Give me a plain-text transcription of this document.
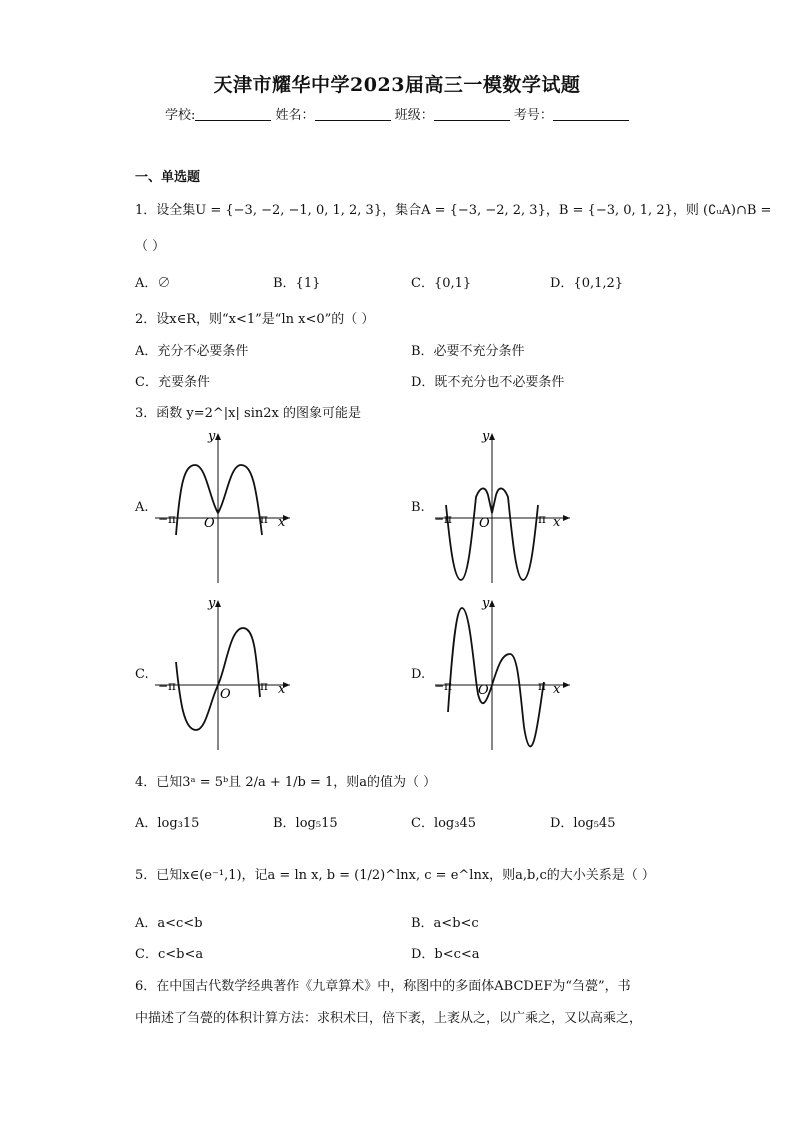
天津市耀华中学2023届高三一模数学试题
学校:	姓名：	班级：	考号：
一、单选题
1．设全集U = {−3, −2, −1, 0, 1, 2, 3}，集合A = {−3, −2, 2, 3}，B = {−3, 0, 1, 2}，则 (∁ᵤA)∩B =
（ ）
A．∅	B．{1}	C．{0,1}	D．{0,1,2}
2．设x∈R，则“x<1”是“ln x<0”的（ ）
A．充分不必要条件	B．必要不充分条件
C．充要条件	D．既不充分也不必要条件
3．函数 y=2^|x| sin2x 的图象可能是
A.	B.
C.	D.
y
x
O
−π	π
y
x
O
−π	π
y
x
O
−π	π
y
x
O
−π	π
4．已知3ᵃ = 5ᵇ且 2/a + 1/b = 1，则a的值为（ ）
A．log₃15	B．log₅15	C．log₃45	D．log₅45
5．已知x∈(e⁻¹,1)，记a = ln x, b = (1/2)^lnx, c = e^lnx，则a,b,c的大小关系是（ ）
A．a<c<b	B．a<b<c
C．c<b<a	D．b<c<a
6．在中国古代数学经典著作《九章算术》中，称图中的多面体ABCDEF为“刍甍”，书
中描述了刍甍的体积计算方法：求积术曰，倍下袤，上袤从之，以广乘之，又以高乘之，
